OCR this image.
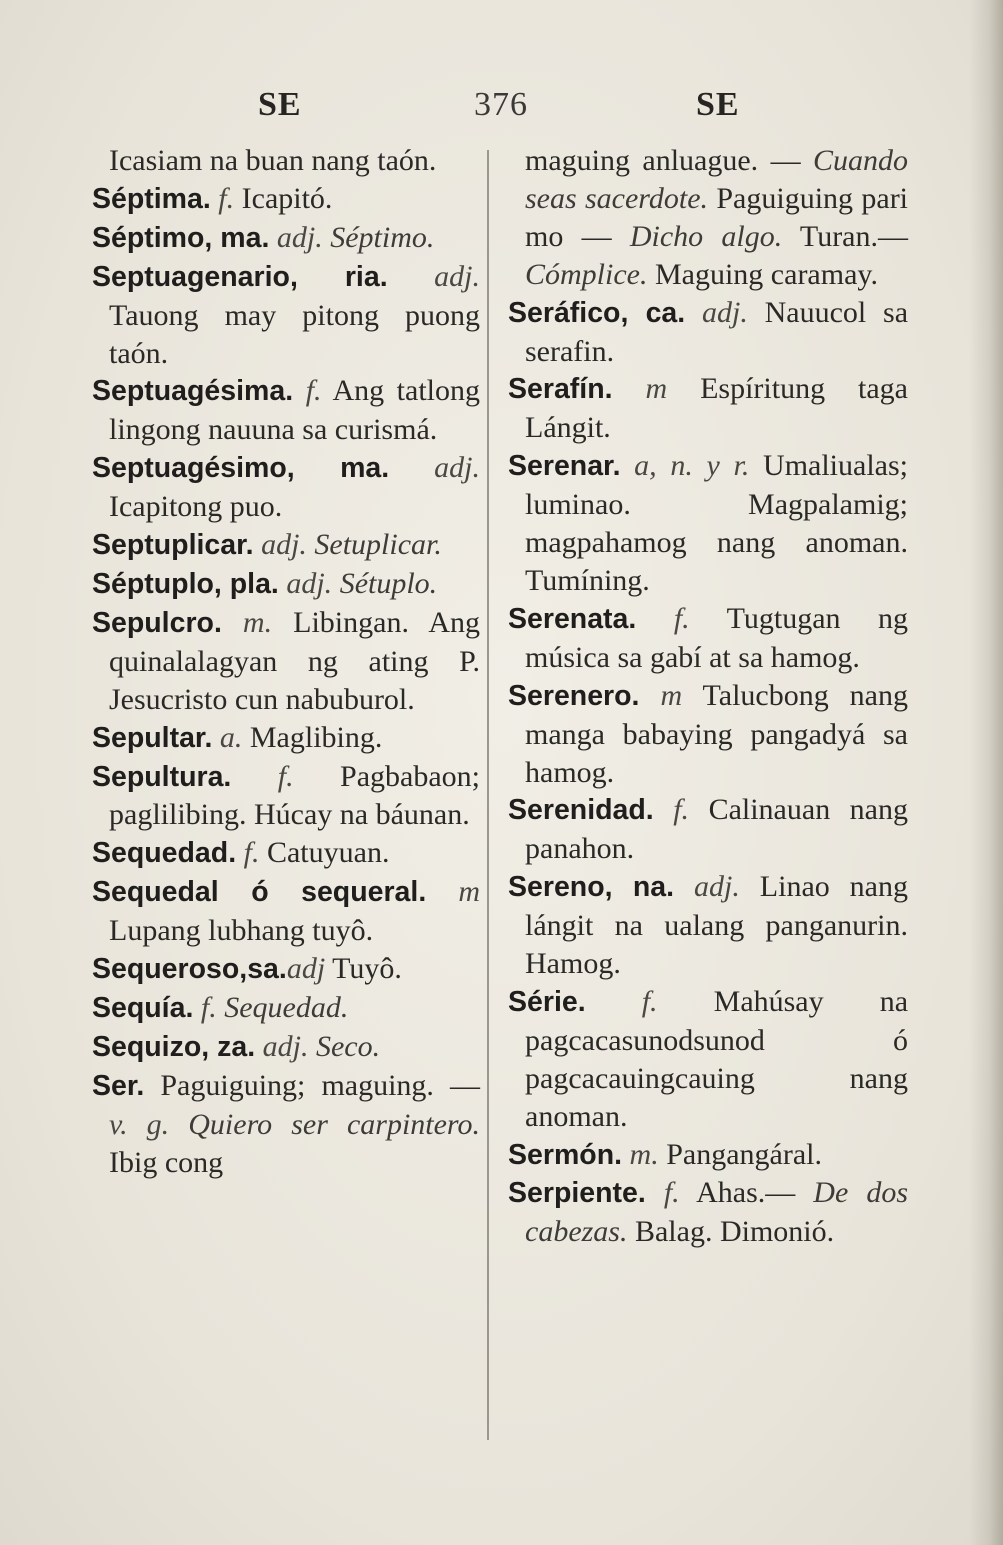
SE	376	SE

Icasiam na buan nang taón.

Séptima. f. Icapitó.

Séptimo, ma. adj. Séptimo.

Septuagenario, ria. adj. Tauong may pitong puong taón.

Septuagésima. f. Ang tatlong lingong nauuna sa curismá.

Septuagésimo, ma. adj. Icapitong puo.

Septuplicar. adj. Setuplicar.

Séptuplo, pla. adj. Sétuplo.

Sepulcro. m. Libingan. Ang quinalalagyan ng ating P. Jesucristo cun nabuburol.

Sepultar. a. Maglibing.

Sepultura. f. Pagbabaon; paglilibing. Húcay na báunan.

Sequedad. f. Catuyuan.

Sequedal ó sequeral. m Lupang lubhang tuyô.

Sequeroso,sa.adj Tuyô.

Sequía. f. Sequedad.

Sequizo, za. adj. Seco.

Ser. Paguiguing; maguing. — v. g. Quiero ser carpintero. Ibig cong

maguing anluague. — Cuando seas sacerdote. Paguiguing pari mo — Dicho algo. Turan.— Cómplice. Maguing caramay.

Seráfico, ca. adj. Nauucol sa serafin.

Serafín. m Espíritung taga Lángit.

Serenar. a, n. y r. Umaliualas; luminao. Magpalamig; magpahamog nang anoman. Tumíning.

Serenata. f. Tugtugan ng música sa gabí at sa hamog.

Serenero. m Talucbong nang manga babaying pangadyá sa hamog.

Serenidad. f. Calinauan nang panahon.

Sereno, na. adj. Linao nang lángit na ualang panganurin. Hamog.

Série. f. Mahúsay na pagcacasunodsunod ó pagcacauingcauing nang anoman.

Sermón. m. Pangangáral.

Serpiente. f. Ahas.— De dos cabezas. Balag. Dimonió.
